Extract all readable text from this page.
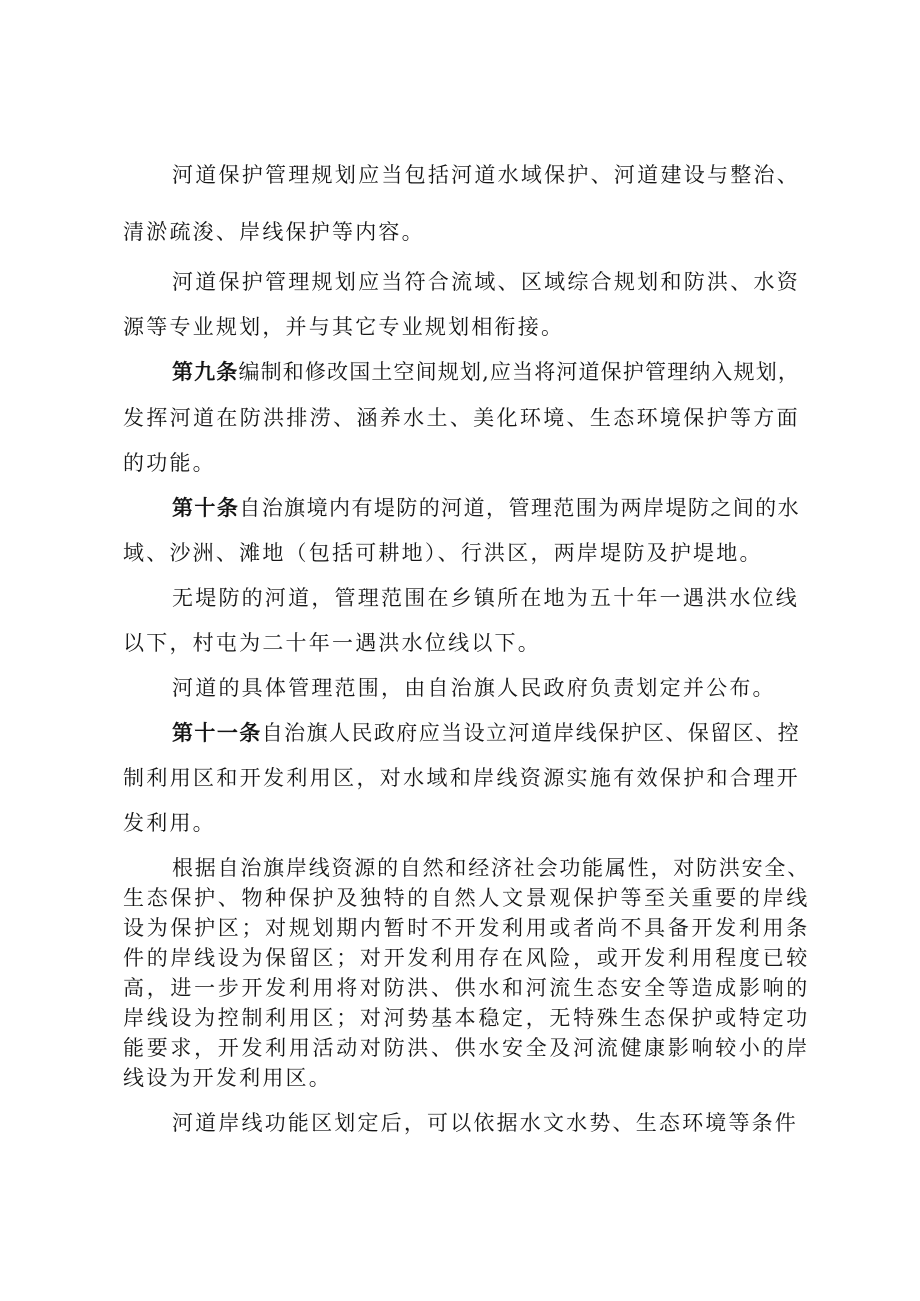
河道保护管理规划应当包括河道水域保护、河道建设与整治、
清淤疏浚、岸线保护等内容。
河道保护管理规划应当符合流域、区域综合规划和防洪、水资
源等专业规划，并与其它专业规划相衔接。
第九条编制和修改国土空间规划,应当将河道保护管理纳入规划，
发挥河道在防洪排涝、涵养水土、美化环境、生态环境保护等方面
的功能。
第十条自治旗境内有堤防的河道，管理范围为两岸堤防之间的水
域、沙洲、滩地（包括可耕地）、行洪区，两岸堤防及护堤地。
无堤防的河道，管理范围在乡镇所在地为五十年一遇洪水位线
以下，村屯为二十年一遇洪水位线以下。
河道的具体管理范围，由自治旗人民政府负责划定并公布。
第十一条自治旗人民政府应当设立河道岸线保护区、保留区、控
制利用区和开发利用区，对水域和岸线资源实施有效保护和合理开
发利用。
根据自治旗岸线资源的自然和经济社会功能属性，对防洪安全、
生态保护、物种保护及独特的自然人文景观保护等至关重要的岸线
设为保护区；对规划期内暂时不开发利用或者尚不具备开发利用条
件的岸线设为保留区；对开发利用存在风险，或开发利用程度已较
高，进一步开发利用将对防洪、供水和河流生态安全等造成影响的
岸线设为控制利用区；对河势基本稳定，无特殊生态保护或特定功
能要求，开发利用活动对防洪、供水安全及河流健康影响较小的岸
线设为开发利用区。
河道岸线功能区划定后，可以依据水文水势、生态环境等条件
